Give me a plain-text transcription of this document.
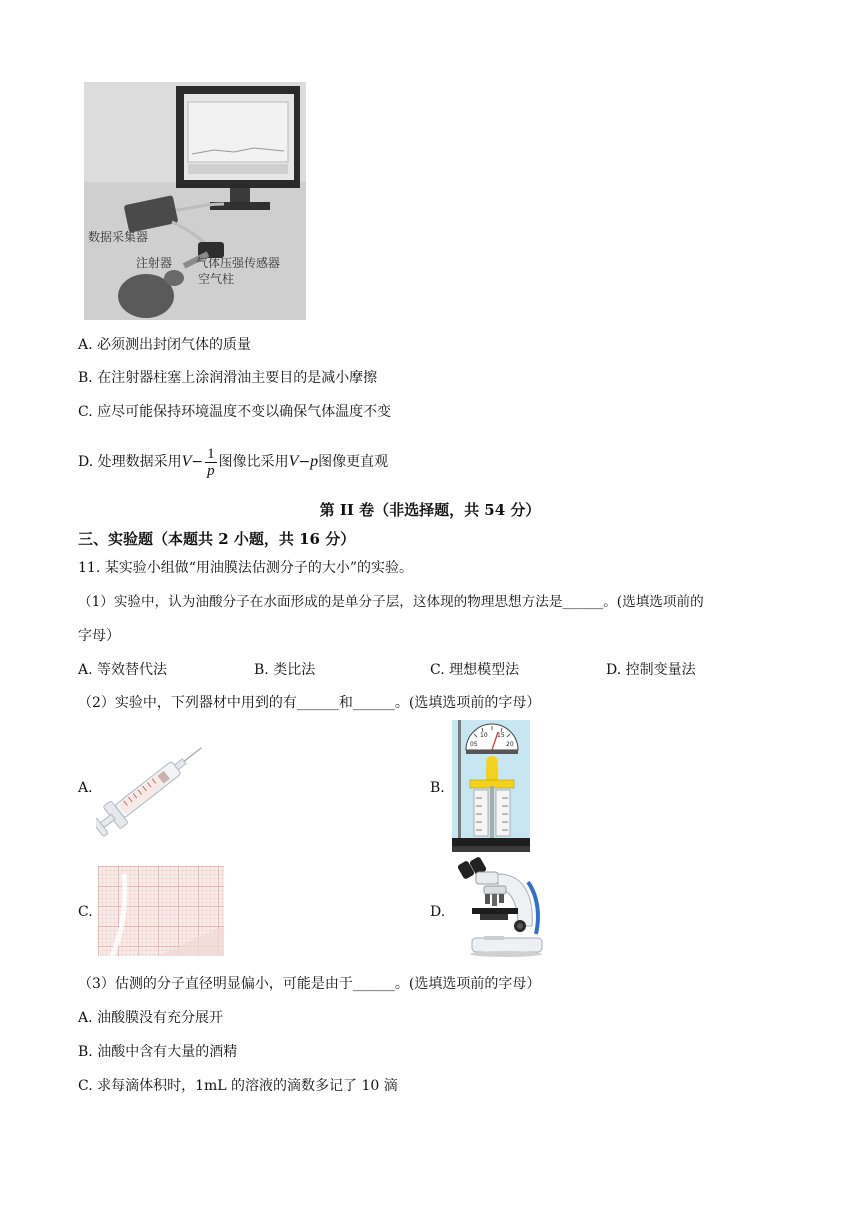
数据采集器
注射器 气体压强传感器
空气柱
A. 必须测出封闭气体的质量
B. 在注射器柱塞上涂润滑油主要目的是减小摩擦
C. 应尽可能保持环境温度不变以确保气体温度不变
D. 处理数据采用 $V - \frac{1}{p}$ 图像比采用 V − p 图像更直观
第 II 卷（非选择题，共 54 分）
三、实验题（本题共 2 小题，共 16 分）
11. 某实验小组做“用油膜法估测分子的大小”的实验。
（1）实验中，认为油酸分子在水面形成的是单分子层，这体现的物理思想方法是______。(选填选项前的
字母）
A. 等效替代法	B. 类比法	C. 理想模型法	D. 控制变量法
（2）实验中，下列器材中用到的有______和______。(选填选项前的字母）
A.	B.
10 15
05	20
C.	D.
（3）估测的分子直径明显偏小，可能是由于______。(选填选项前的字母）
A. 油酸膜没有充分展开
B. 油酸中含有大量的酒精
C. 求每滴体积时，1mL 的溶液的滴数多记了 10 滴
